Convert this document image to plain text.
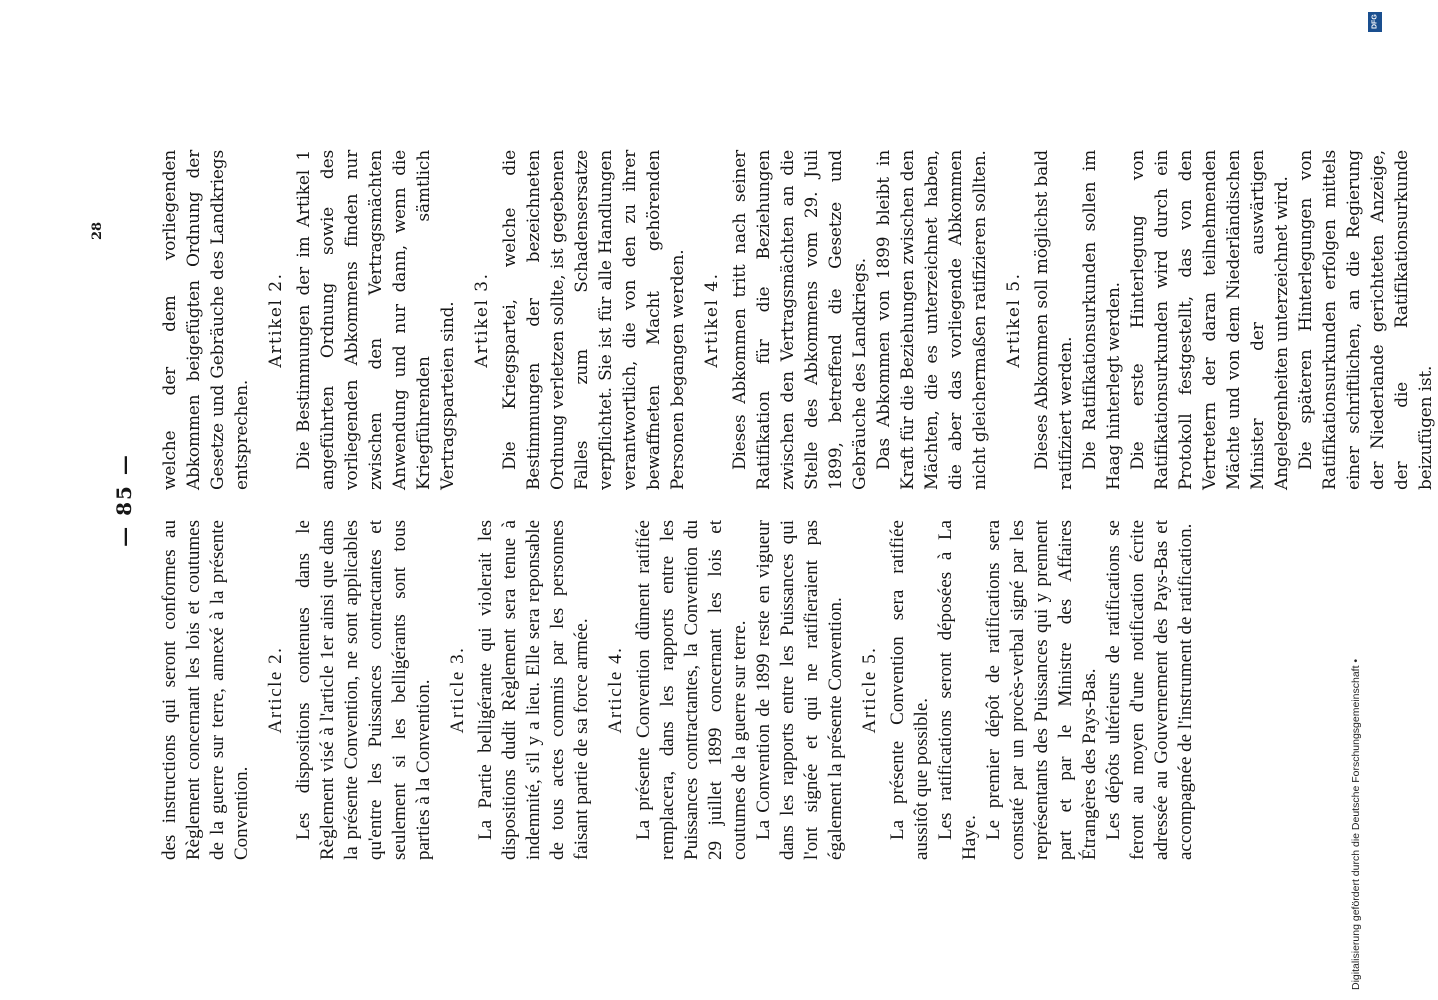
— 85 —
28

des instructions qui seront conformes au Règlement concernant les lois et coutumes de la guerre sur terre, annexé à la présente Convention.

Article 2. Les dispositions contenues dans le Règlement visé à l'article 1er ainsi que dans la présente Convention, ne sont applicables qu'entre les Puissances contractantes et seulement si les belligérants sont tous parties à la Convention. Article 3. La Partie belligérante qui violerait les dispositions dudit Règlement sera tenue à indemnité, s'il y a lieu. Elle sera reponsable de tous actes commis par les personnes faisant partie de sa force armée. Article 4. La présente Convention dûment ratifiée remplacera, dans les rapports entre les Puissances contractantes, la Convention du 29 juillet 1899 concernant les lois et coutumes de la guerre sur terre. La Convention de 1899 reste en vigueur dans les rapports entre les Puissances qui l'ont signée et qui ne ratifieraient pas également la présente Convention. Article 5. La présente Convention sera ratifiée aussitôt que possible. Les ratifications seront déposées à La Haye. Le premier dépôt de ratifications sera constaté par un procès-verbal signé par les représentants des Puissances qui y prennent part et par le Ministre des Affaires Étrangères des Pays-Bas. Les dépôts ultérieurs de ratifications se feront au moyen d'une notification écrite adressée au Gouvernement des Pays-Bas et accompagnée de l'instrument de ratification.

welche der dem vorliegenden Abkommen beigefügten Ordnung der Gesetze und Gebräuche des Landkriegs entsprechen.

Artikel 2. Die Bestimmungen der im Artikel 1 angeführten Ordnung sowie des vorliegenden Abkommens finden nur zwischen den Vertragsmächten Anwendung und nur dann, wenn die Kriegführenden sämtlich Vertragsparteien sind. Artikel 3. Die Kriegspartei, welche die Bestimmungen der bezeichneten Ordnung verletzen sollte, ist gegebenen Falles zum Schadensersatze verpflichtet. Sie ist für alle Handlungen verantwortlich, die von den zu ihrer bewaffneten Macht gehörenden Personen begangen werden. Artikel 4. Dieses Abkommen tritt nach seiner Ratifikation für die Beziehungen zwischen den Vertragsmächten an die Stelle des Abkommens vom 29. Juli 1899, betreffend die Gesetze und Gebräuche des Landkriegs. Das Abkommen von 1899 bleibt in Kraft für die Beziehungen zwischen den Mächten, die es unterzeichnet haben, die aber das vorliegende Abkommen nicht gleichermaßen ratifizieren sollten. Artikel 5. Dieses Abkommen soll möglichst bald ratifiziert werden. Die Ratifikationsurkunden sollen im Haag hinterlegt werden. Die erste Hinterlegung von Ratifikationsurkunden wird durch ein Protokoll festgestellt, das von den Vertretern der daran teilnehmenden Mächte und von dem Niederländischen Minister der auswärtigen Angelegenheiten unterzeichnet wird. Die späteren Hinterlegungen von Ratifikationsurkunden erfolgen mittels einer schriftlichen, an die Regierung der Niederlande gerichteten Anzeige, der die Ratifikationsurkunde beizufügen ist.

DFG
Digitalisierung gefördert durch die Deutsche Forschungsgemeinschaft •
